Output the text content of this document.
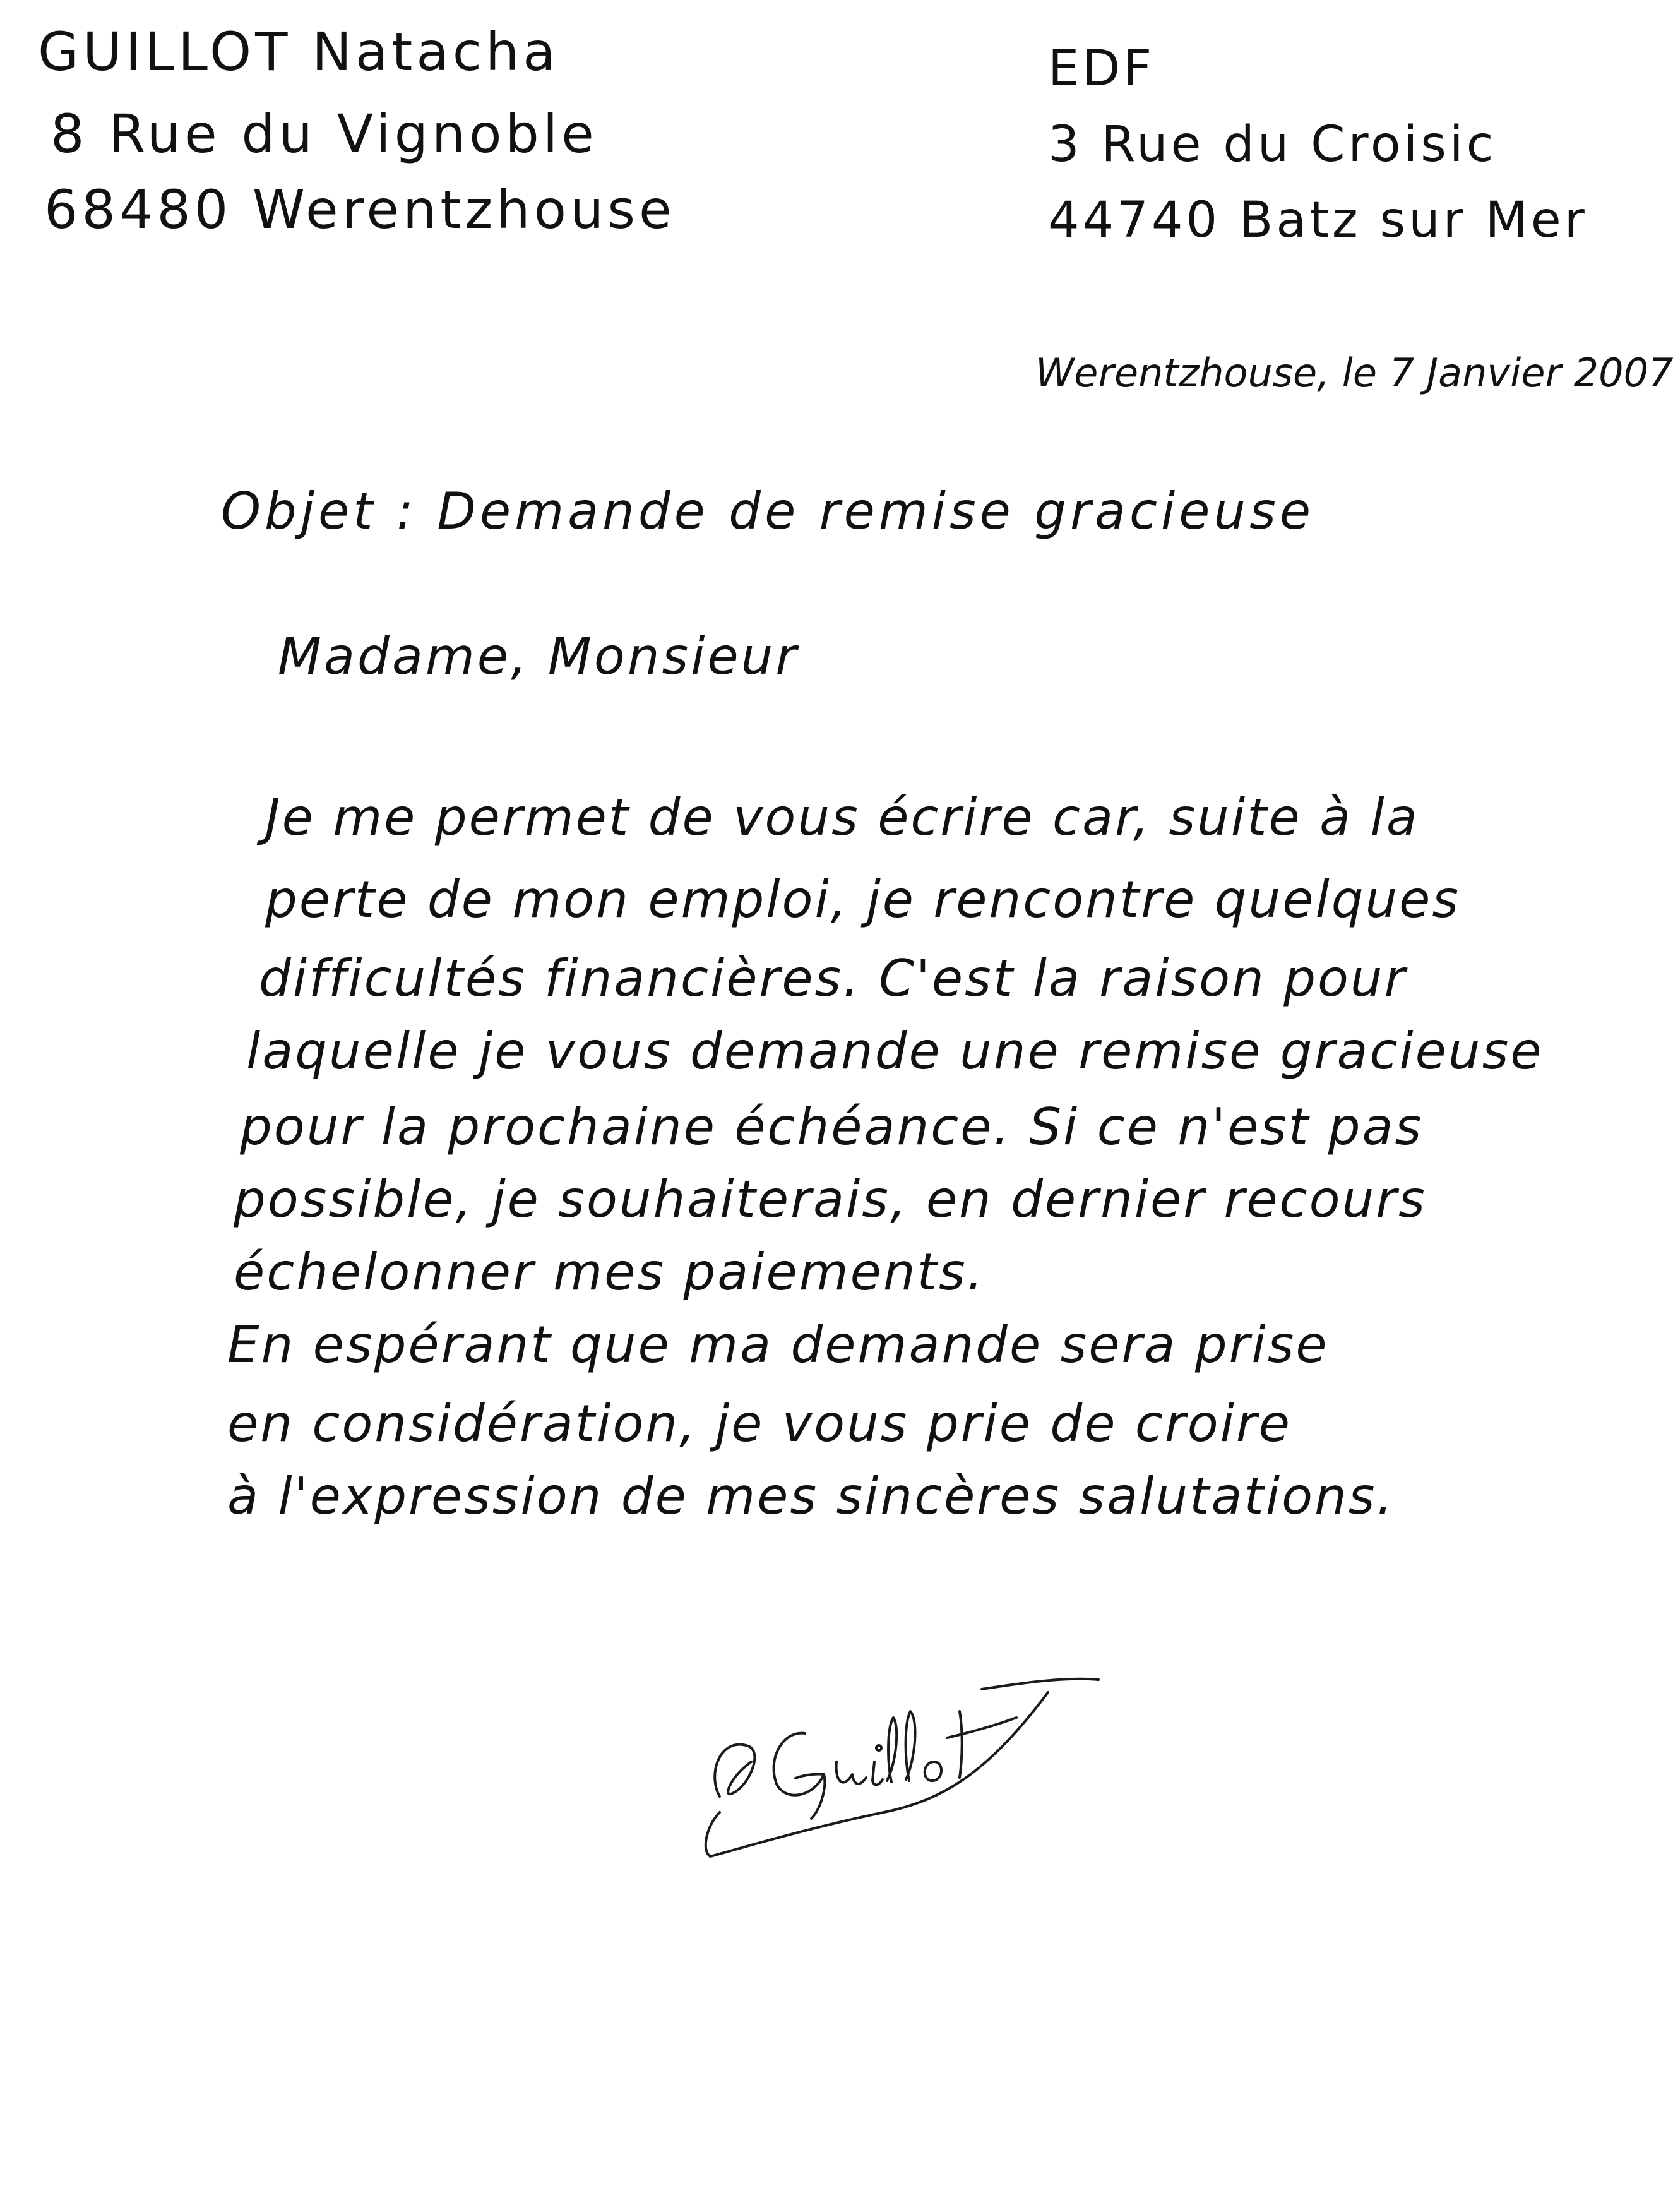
GUILLOT Natacha
8 Rue du Vignoble
68480 Werentzhouse
EDF
3 Rue du Croisic
44740 Batz sur Mer
Werentzhouse, le 7 Janvier 2007
Objet : Demande de remise gracieuse
Madame, Monsieur
Je me permet de vous écrire car, suite à la
perte de mon emploi, je rencontre quelques
difficultés financières. C'est la raison pour
laquelle je vous demande une remise gracieuse
pour la prochaine échéance. Si ce n'est pas
possible, je souhaiterais, en dernier recours
échelonner mes paiements.
En espérant que ma demande sera prise
en considération, je vous prie de croire
à l'expression de mes sincères salutations.
